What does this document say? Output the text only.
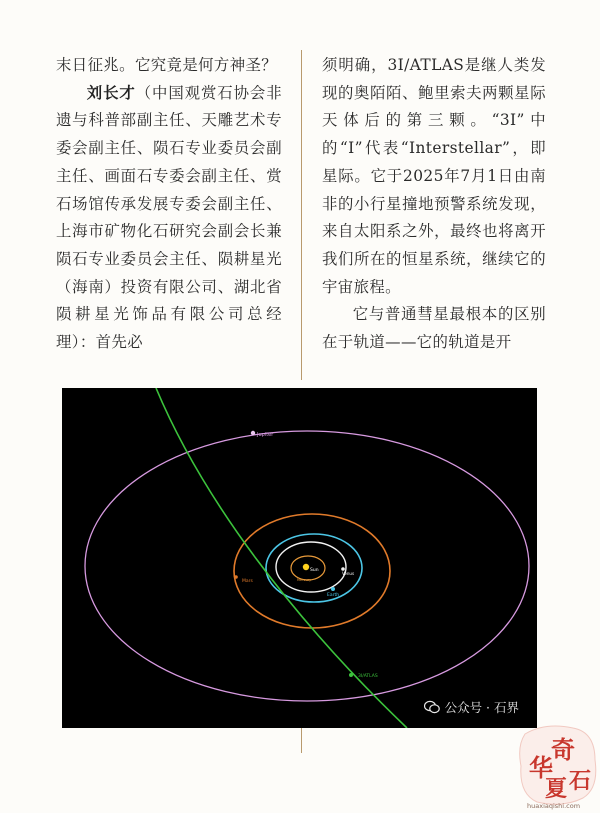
末日征兆。它究竟是何方神圣？

刘长才（中国观赏石协会非遗与科普部副主任、天雕艺术专委会副主任、陨石专业委员会副主任、画面石专委会副主任、赏石场馆传承发展专委会副主任、上海市矿物化石研究会副会长兼陨石专业委员会主任、陨耕星光（海南）投资有限公司、湖北省陨耕星光饰品有限公司总经理）：首先必

须明确，3I/ATLAS是继人类发现的奥陌陌、鲍里索夫两颗星际天体后的第三颗。“3I”中的“I”代表“Interstellar”，即星际。它于2025年7月1日由南非的小行星撞地预警系统发现，来自太阳系之外，最终也将离开我们所在的恒星系统，继续它的宇宙旅程。

它与普通彗星最根本的区别在于轨道——它的轨道是开

Jupiter
Sun
Mercury
Venus
Earth
Mars
3I/ATLAS
公众号 · 石界
华
奇
夏 石
huaxiaqishi.com
